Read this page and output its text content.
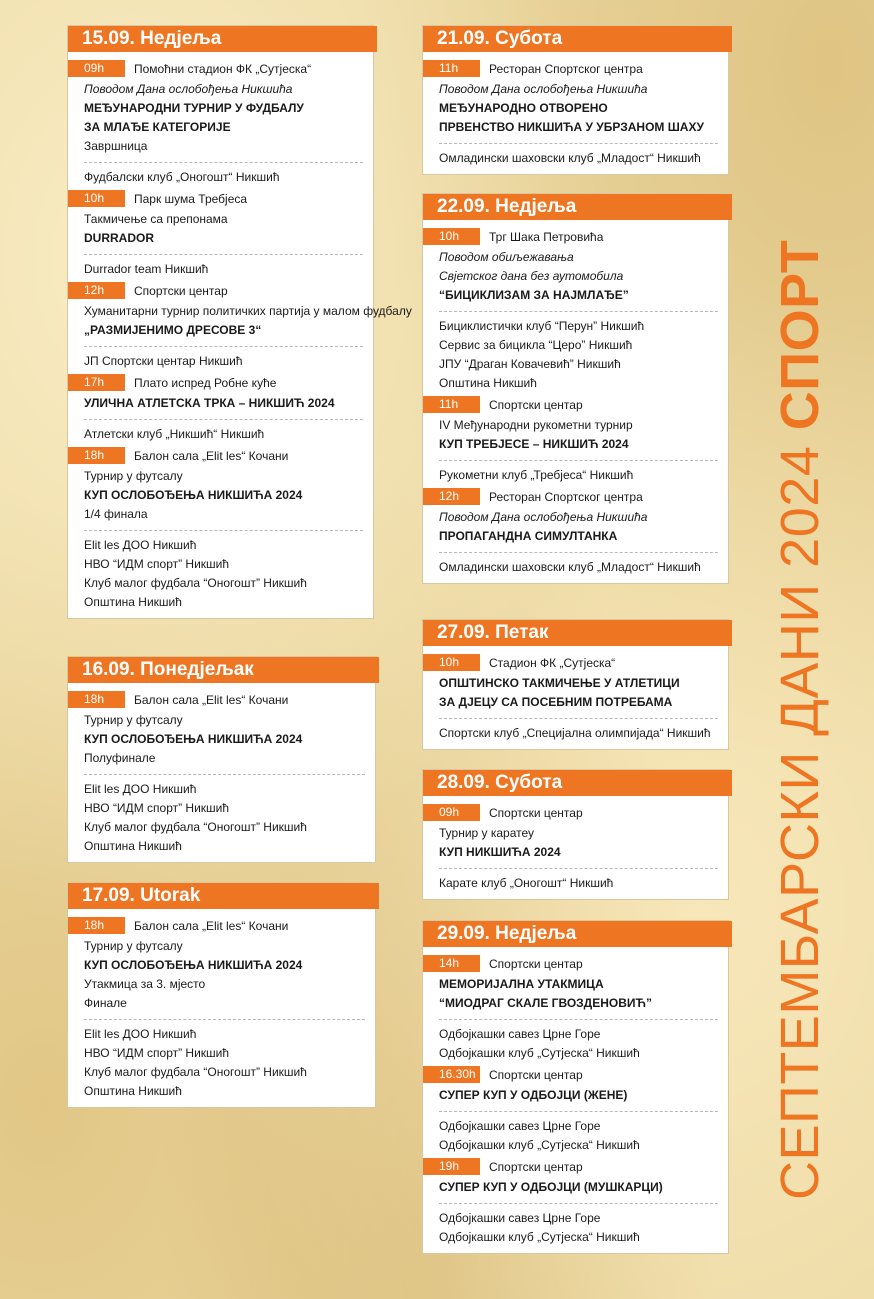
15.09. Недјеља
09h	Помоћни стадион ФК „Сутјеска“
Поводом Дана ослобођења Никшића
МЕЂУНАРОДНИ ТУРНИР У ФУДБАЛУ
ЗА МЛАЂЕ КАТЕГОРИЈЕ
Завршница
Фудбалски клуб „Оногошт“ Никшић
10h	Парк шума Требјеса
Такмичење са препонама
DURRADOR
Durrador team Никшић
12h	Спортски центар
Хуманитарни турнир политичких партија у малом фудбалу
„РАЗМИЈЕНИМО ДРЕСОВЕ 3“
ЈП Спортски центар Никшић
17h	Плато испред Робне куће
УЛИЧНА АТЛЕТСКА ТРКА – НИКШИЋ 2024
Атлетски клуб „Никшић“ Никшић
18h	Балон сала „Elit les“ Кочани
Турнир у футсалу
КУП ОСЛОБОЂЕЊА НИКШИЋА 2024
1/4 финала
Elit les ДОО Никшић
НВО “ИДМ спорт” Никшић
Клуб малог фудбала “Оногошт” Никшић
Општина Никшић
16.09. Понедјељак
18h	Балон сала „Elit les“ Кочани
Турнир у футсалу
КУП ОСЛОБОЂЕЊА НИКШИЋА 2024
Полуфинале
Elit les ДОО Никшић
НВО “ИДМ спорт” Никшић
Клуб малог фудбала “Оногошт” Никшић
Општина Никшић
17.09. Utorak
18h	Балон сала „Elit les“ Кочани
Турнир у футсалу
КУП ОСЛОБОЂЕЊА НИКШИЋА 2024
Утакмица за 3. мјесто
Финале
Elit les ДОО Никшић
НВО “ИДМ спорт” Никшић
Клуб малог фудбала “Оногошт” Никшић
Општина Никшић
21.09. Субота
11h	Ресторан Спортског центра
Поводом Дана ослобођења Никшића
МЕЂУНАРОДНО ОТВОРЕНО
ПРВЕНСТВО НИКШИЋА У УБРЗАНОМ ШАХУ
Омладински шаховски клуб „Младост“ Никшић
22.09. Недјеља
10h	Трг Шака Петровића
Поводом обиљежавања
Свјетског дана без аутомобила
“БИЦИКЛИЗАМ ЗА НАЈМЛАЂЕ”
Бициклистички клуб “Перун” Никшић
Сервис за бицикла “Церо” Никшић
ЈПУ “Драган Ковачевић” Никшић
Општина Никшић
11h	Спортски центар
IV Међународни рукометни турнир
КУП ТРЕБЈЕСЕ – НИКШИЋ 2024
Рукометни клуб „Требјеса“ Никшић
12h	Ресторан Спортског центра
Поводом Дана ослобођења Никшића
ПРОПАГАНДНА СИМУЛТАНКА
Омладински шаховски клуб „Младост“ Никшић
27.09. Петак
10h	Стадион ФК „Сутјеска“
ОПШТИНСКО ТАКМИЧЕЊЕ У АТЛЕТИЦИ
ЗА ДЈЕЦУ СА ПОСЕБНИМ ПОТРЕБАМА
Спортски клуб „Специјална олимпијада“ Никшић
28.09. Субота
09h	Спортски центар
Турнир у каратеу
КУП НИКШИЋА 2024
Карате клуб „Оногошт“ Никшић
29.09. Недјеља
14h	Спортски центар
МЕМОРИЈАЛНА УТАКМИЦА
“МИОДРАГ СКАЛЕ ГВОЗДЕНОВИЋ”
Одбојкашки савез Црне Горе
Одбојкашки клуб „Сутјеска“ Никшић
16.30h	Спортски центар
СУПЕР КУП У ОДБОЈЦИ (ЖЕНЕ)
Одбојкашки савез Црне Горе
Одбојкашки клуб „Сутјеска“ Никшић
19h	Спортски центар
СУПЕР КУП У ОДБОЈЦИ (МУШКАРЦИ)
Одбојкашки савез Црне Горе
Одбојкашки клуб „Сутјеска“ Никшић
СЕПТЕМБАРСКИ ДАНИ 2024 СПОРТ
